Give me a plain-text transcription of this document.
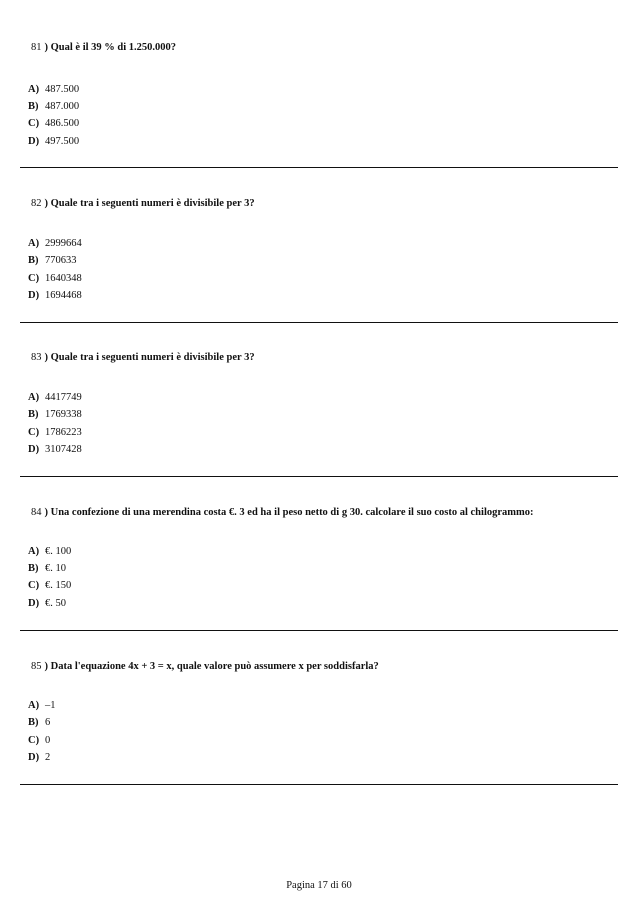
81 ) Qual è il 39 % di 1.250.000?
A) 487.500
B) 487.000
C) 486.500
D) 497.500
82 ) Quale tra i seguenti numeri è divisibile per 3?
A) 2999664
B) 770633
C) 1640348
D) 1694468
83 ) Quale tra i seguenti numeri è divisibile per 3?
A) 4417749
B) 1769338
C) 1786223
D) 3107428
84 ) Una confezione di una merendina costa €. 3 ed ha il peso netto di g 30. calcolare il suo costo al chilogrammo:
A) €. 100
B) €. 10
C) €. 150
D) €. 50
85 ) Data l'equazione 4x + 3 = x, quale valore può assumere x per soddisfarla?
A) –1
B) 6
C) 0
D) 2
Pagina 17 di 60
